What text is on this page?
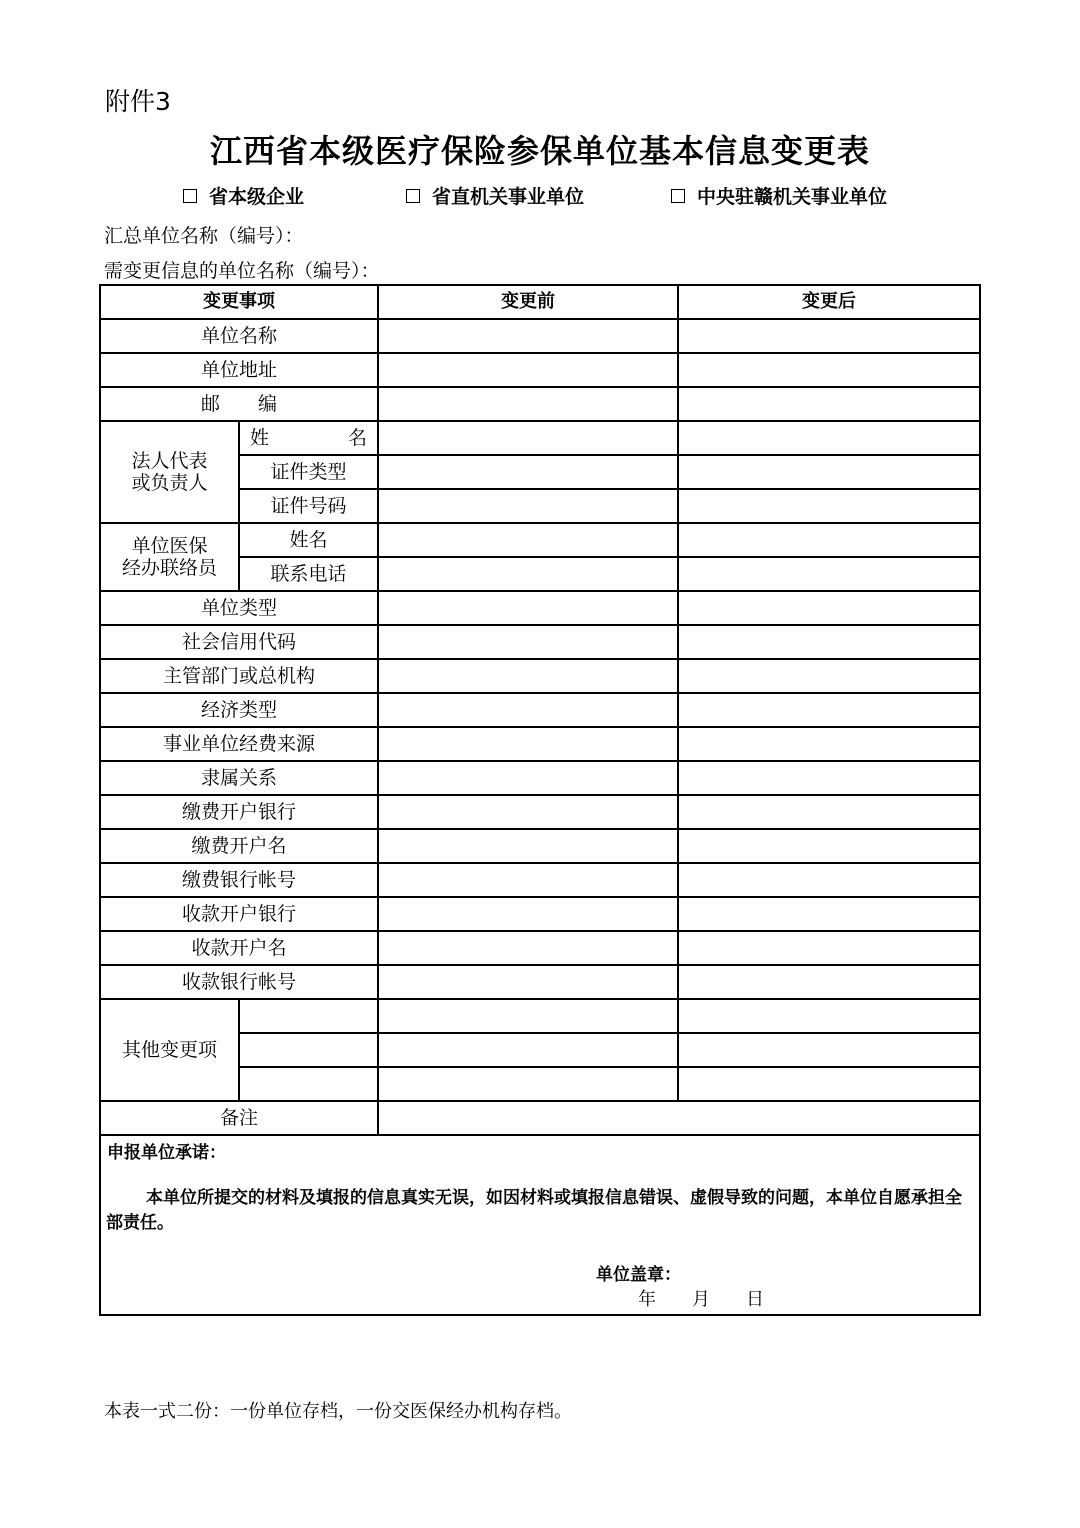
附件3
江西省本级医疗保险参保单位基本信息变更表
省本级企业	省直机关事业单位	中央驻赣机关事业单位
汇总单位名称（编号）：
需变更信息的单位名称（编号）：
变更事项		变更前	变更后
单位名称			
单位地址			
邮　　编			
法人代表
或负责人	姓　　　名		
	证件类型		
	证件号码		
单位医保
经办联络员	姓名		
	联系电话		
单位类型			
社会信用代码			
主管部门或总机构			
经济类型			
事业单位经费来源			
隶属关系			
缴费开户银行			
缴费开户名			
缴费银行帐号			
收款开户银行			
收款开户名			
收款银行帐号			
其他变更项			

备注			

申报单位承诺：
本单位所提交的材料及填报的信息真实无误，如因材料或填报信息错误、虚假导致的问题，本单位自愿承担全部责任。
单位盖章：
年　　月　　日			
本表一式二份：一份单位存档，一份交医保经办机构存档。
